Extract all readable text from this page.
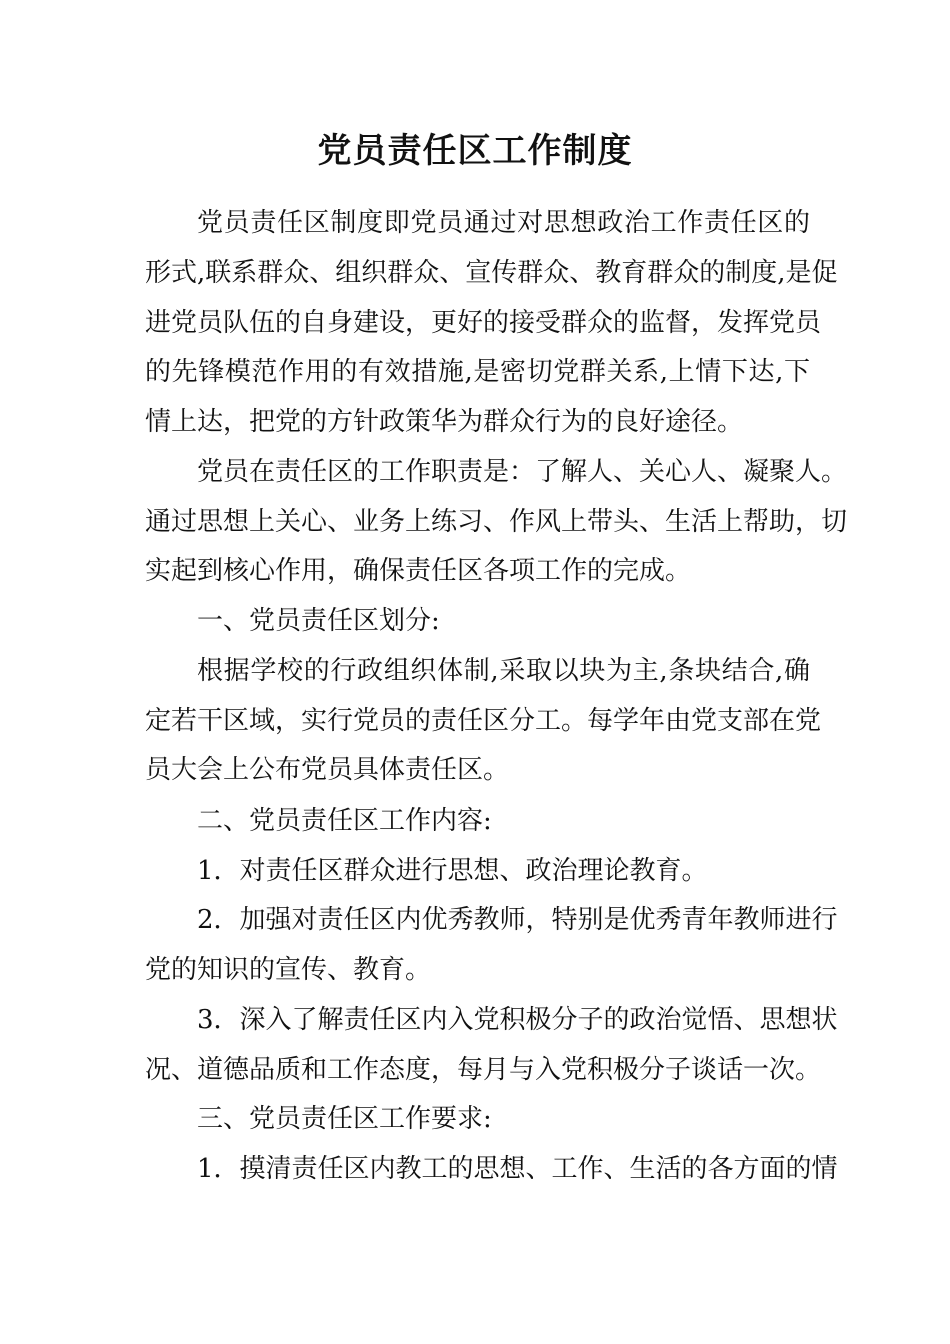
党员责任区工作制度
党员责任区制度即党员通过对思想政治工作责任区的
形式,联系群众、组织群众、宣传群众、教育群众的制度,是促
进党员队伍的自身建设，更好的接受群众的监督，发挥党员
的先锋模范作用的有效措施,是密切党群关系,上情下达,下
情上达，把党的方针政策华为群众行为的良好途径。
党员在责任区的工作职责是：了解人、关心人、凝聚人。
通过思想上关心、业务上练习、作风上带头、生活上帮助，切
实起到核心作用，确保责任区各项工作的完成。
一、党员责任区划分:
根据学校的行政组织体制,采取以块为主,条块结合,确
定若干区域，实行党员的责任区分工。每学年由党支部在党
员大会上公布党员具体责任区。
二、党员责任区工作内容:
1．对责任区群众进行思想、政治理论教育。
2．加强对责任区内优秀教师，特别是优秀青年教师进行
党的知识的宣传、教育。
3．深入了解责任区内入党积极分子的政治觉悟、思想状
况、道德品质和工作态度，每月与入党积极分子谈话一次。
三、党员责任区工作要求:
1．摸清责任区内教工的思想、工作、生活的各方面的情
